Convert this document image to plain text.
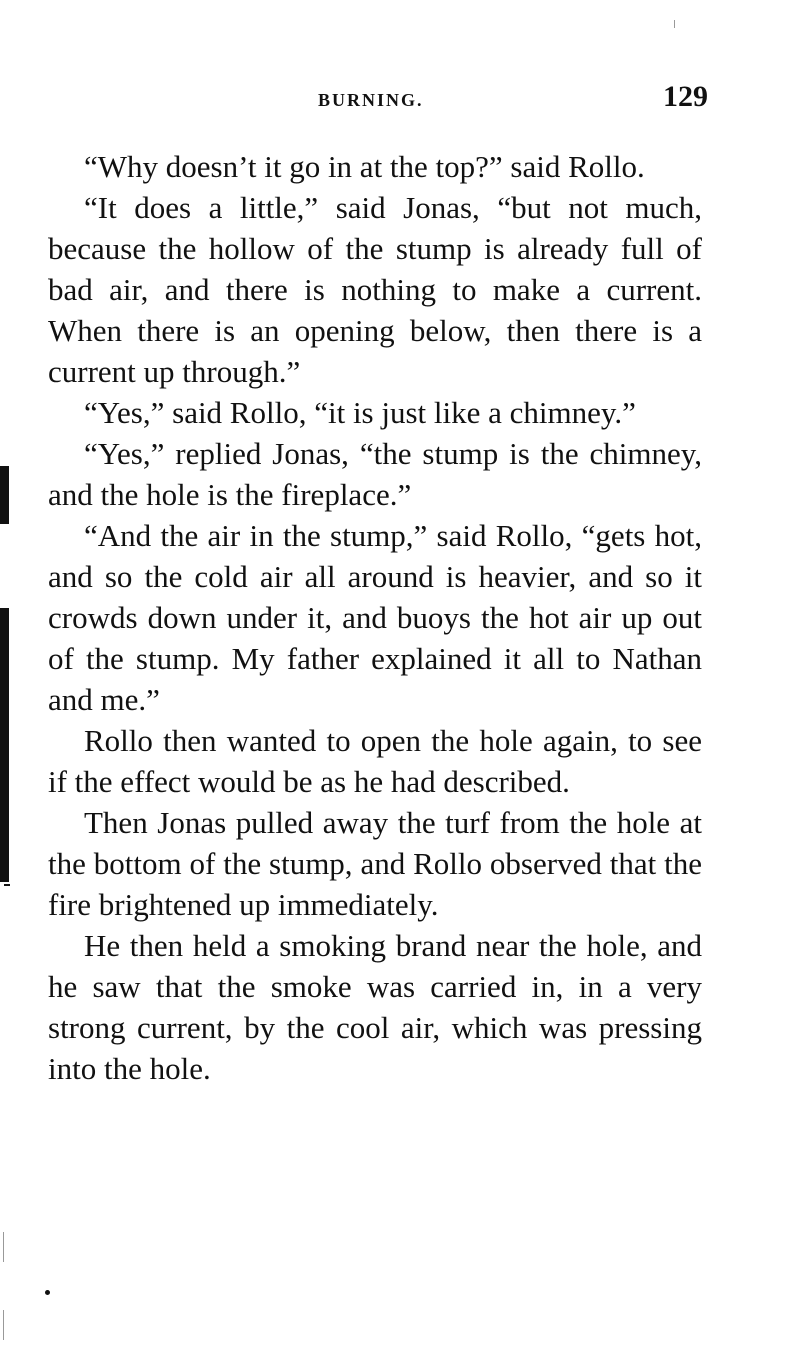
BURNING.	129

“Why doesn’t it go in at the top?” said Rollo.

“It does a little,” said Jonas, “but not much, because the hollow of the stump is already full of bad air, and there is nothing to make a current. When there is an opening below, then there is a current up through.”

“Yes,” said Rollo, “it is just like a chimney.”

“Yes,” replied Jonas, “the stump is the chimney, and the hole is the fireplace.”

“And the air in the stump,” said Rollo, “gets hot, and so the cold air all around is heavier, and so it crowds down under it, and buoys the hot air up out of the stump. My father explained it all to Nathan and me.”

Rollo then wanted to open the hole again, to see if the effect would be as he had described.

Then Jonas pulled away the turf from the hole at the bottom of the stump, and Rollo observed that the fire brightened up immediately.

He then held a smoking brand near the hole, and he saw that the smoke was carried in, in a very strong current, by the cool air, which was pressing into the hole.
